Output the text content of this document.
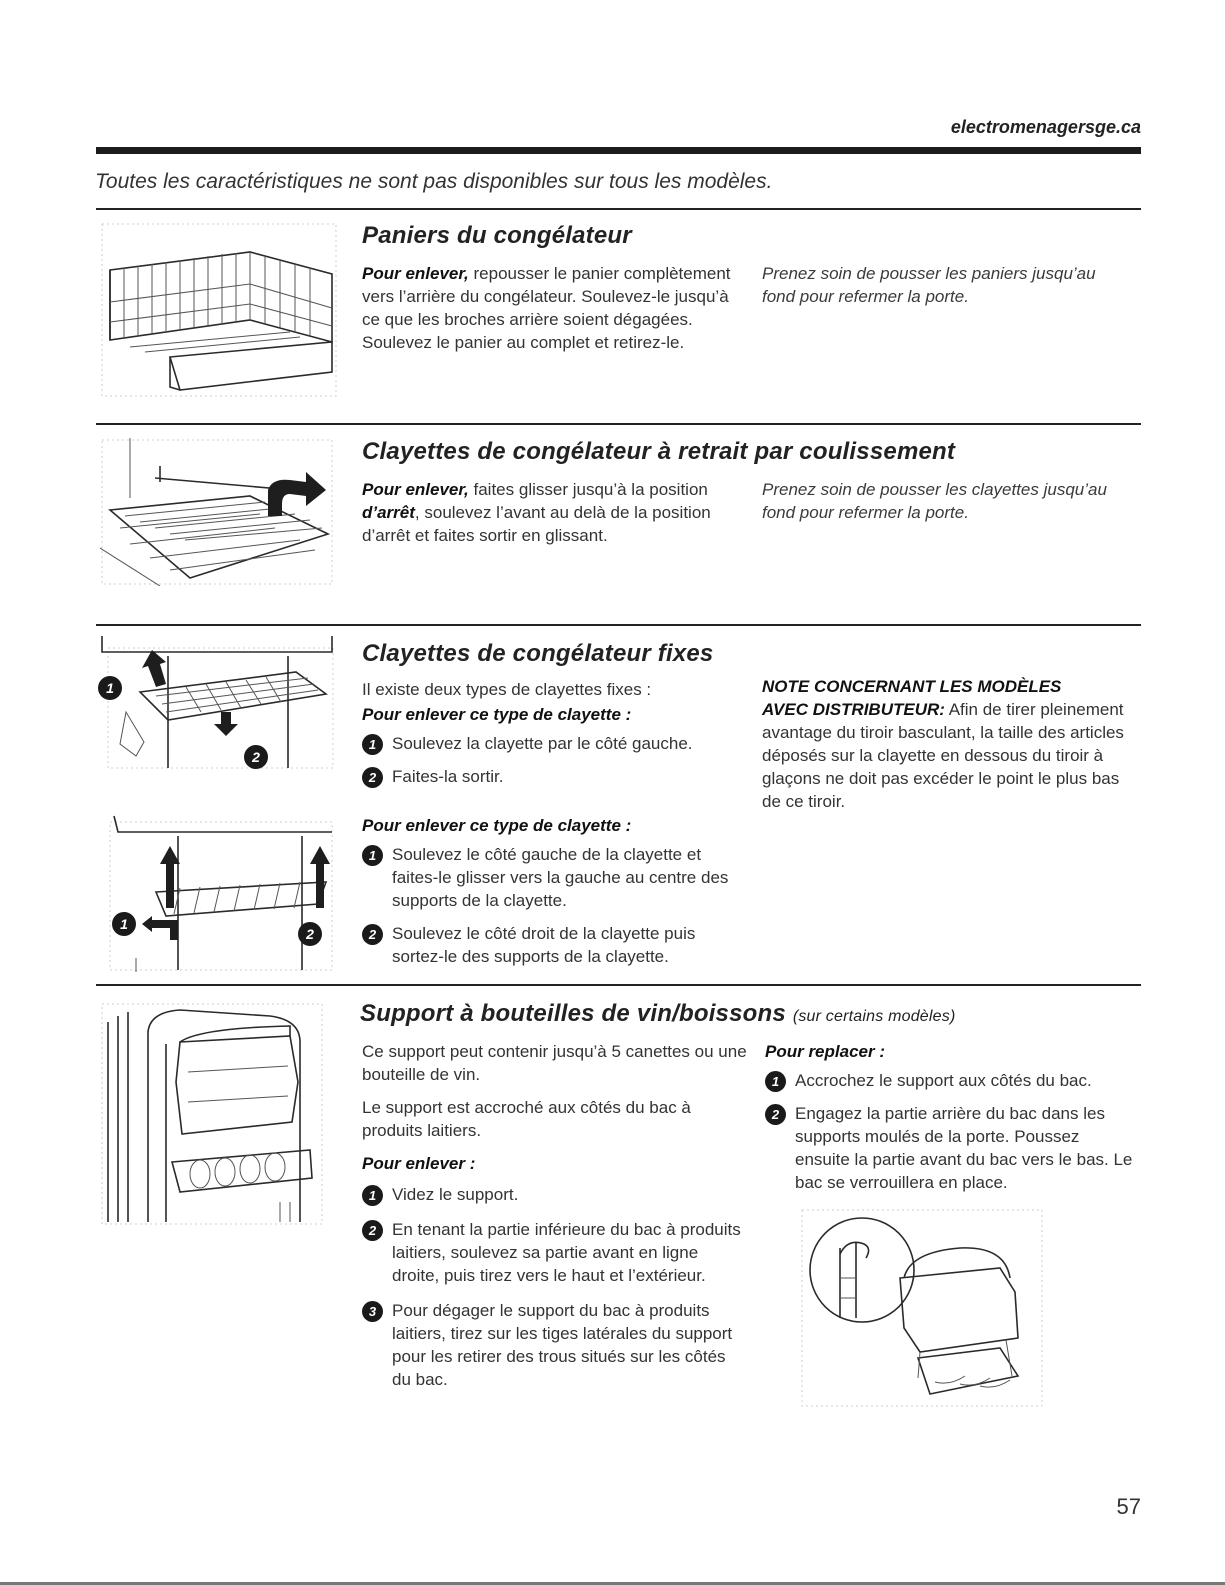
electromenagersge.ca
Toutes les caractéristiques ne sont pas disponibles sur tous les modèles.
Paniers du congélateur

Pour enlever, repousser le panier complètement vers l’arrière du congélateur. Soulevez-le jusqu’à ce que les broches arrière soient dégagées. Soulevez le panier au complet et retirez-le.

Prenez soin de pousser les paniers jusqu’au fond pour refermer la porte.
Clayettes de congélateur à retrait par coulissement

Pour enlever, faites glisser jusqu’à la position d’arrêt, soulevez l’avant au delà de la position d’arrêt et faites sortir en glissant.

Prenez soin de pousser les clayettes jusqu’au fond pour refermer la porte.
1
2
1
2
Clayettes de congélateur fixes

Il existe deux types de clayettes fixes :

Pour enlever ce type de clayette :

1 Soulevez la clayette par le côté gauche.
2 Faites-la sortir.

Pour enlever ce type de clayette :

1 Soulevez le côté gauche de la clayette et faites-le glisser vers la gauche au centre des supports de la clayette.
2 Soulevez le côté droit de la clayette puis sortez-le des supports de la clayette.

NOTE CONCERNANT LES MODÈLES

AVEC DISTRIBUTEUR: Afin de tirer pleinement avantage du tiroir basculant, la taille des articles déposés sur la clayette en dessous du tiroir à glaçons ne doit pas excéder le point le plus bas de ce tiroir.

Support à bouteilles de vin/boissons (sur certains modèles)

Ce support peut contenir jusqu’à 5 canettes ou une bouteille de vin.

Le support est accroché aux côtés du bac à produits laitiers.

Pour enlever :

1 Videz le support.
2 En tenant la partie inférieure du bac à produits laitiers, soulevez sa partie avant en ligne droite, puis tirez vers le haut et l’extérieur.
3 Pour dégager le support du bac à produits laitiers, tirez sur les tiges latérales du support pour les retirer des trous situés sur les côtés du bac.

Pour replacer :

1 Accrochez le support aux côtés du bac.
2 Engagez la partie arrière du bac dans les supports moulés de la porte. Poussez ensuite la partie avant du bac vers le bas. Le bac se verrouillera en place.
57
